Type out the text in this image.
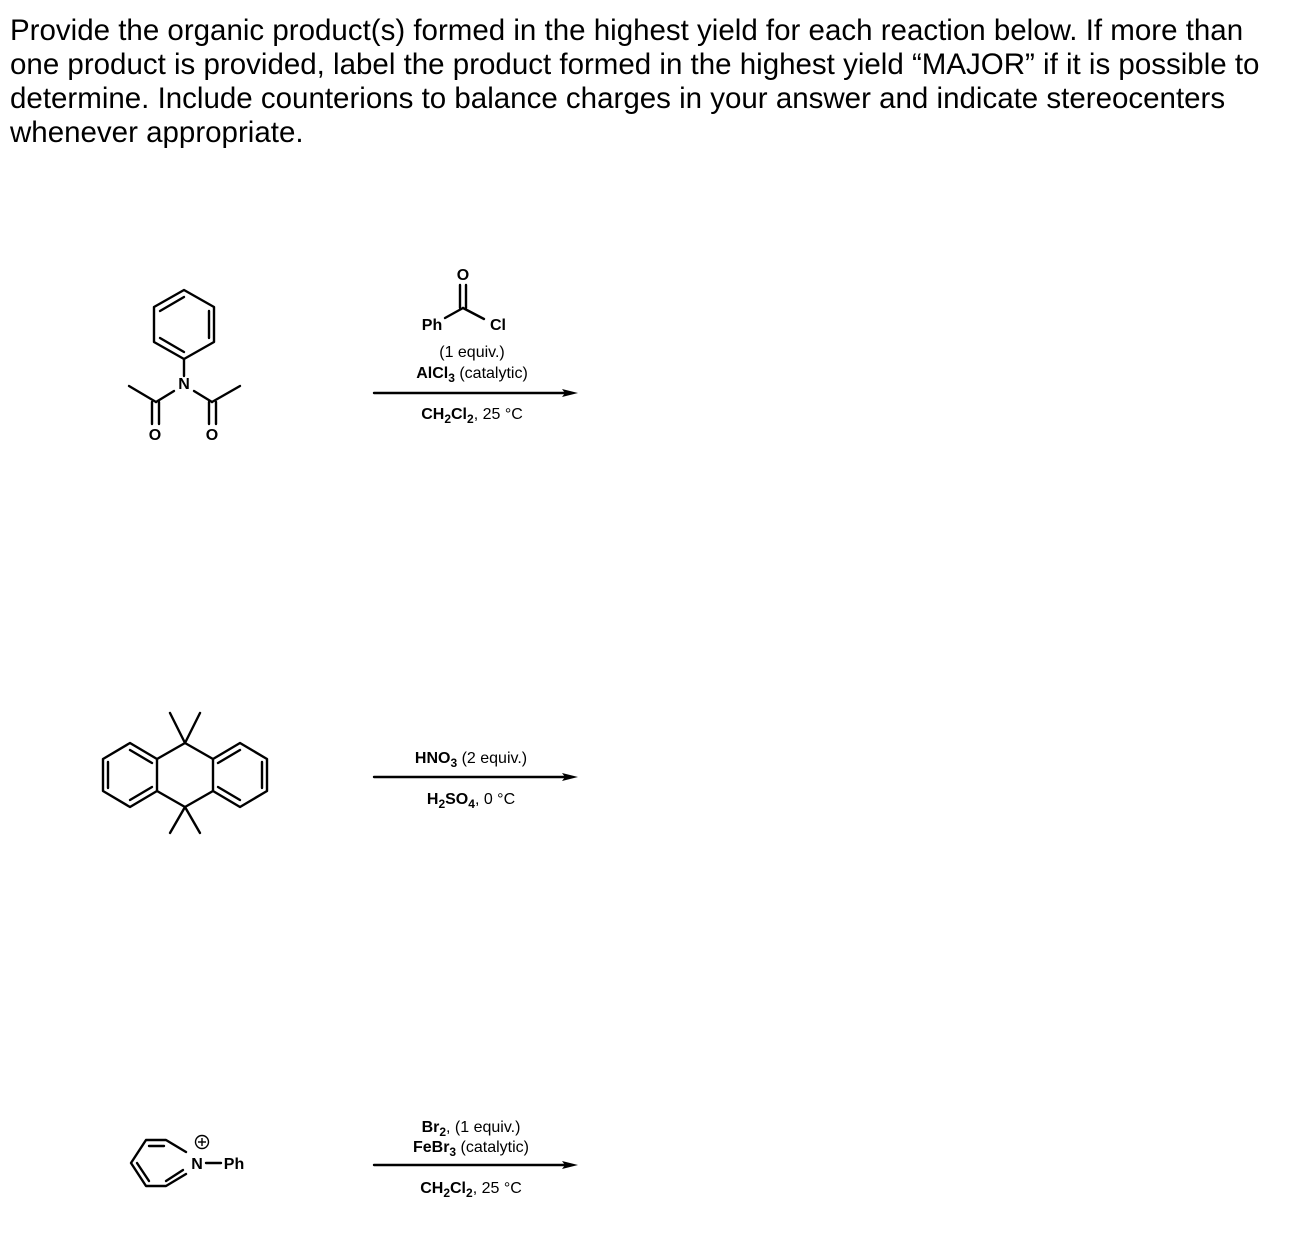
Provide the organic product(s) formed in the highest yield for each reaction below. If more than one product is provided, label the product formed in the highest yield “MAJOR” if it is possible to determine. Include counterions to balance charges in your answer and indicate stereocenters whenever appropriate.

N
O	O
O
Ph	Cl
(1 equiv.)
AlCl$_3$ (catalytic)
$CH_2Cl_2$, 25 °C
$HNO_3$ (2 equiv.)
$H_2SO_4$, 0 °C
N Ph
$Br_2$, (1 equiv.)
FeBr$_3$ (catalytic)
$CH_2Cl_2$, 25 °C
